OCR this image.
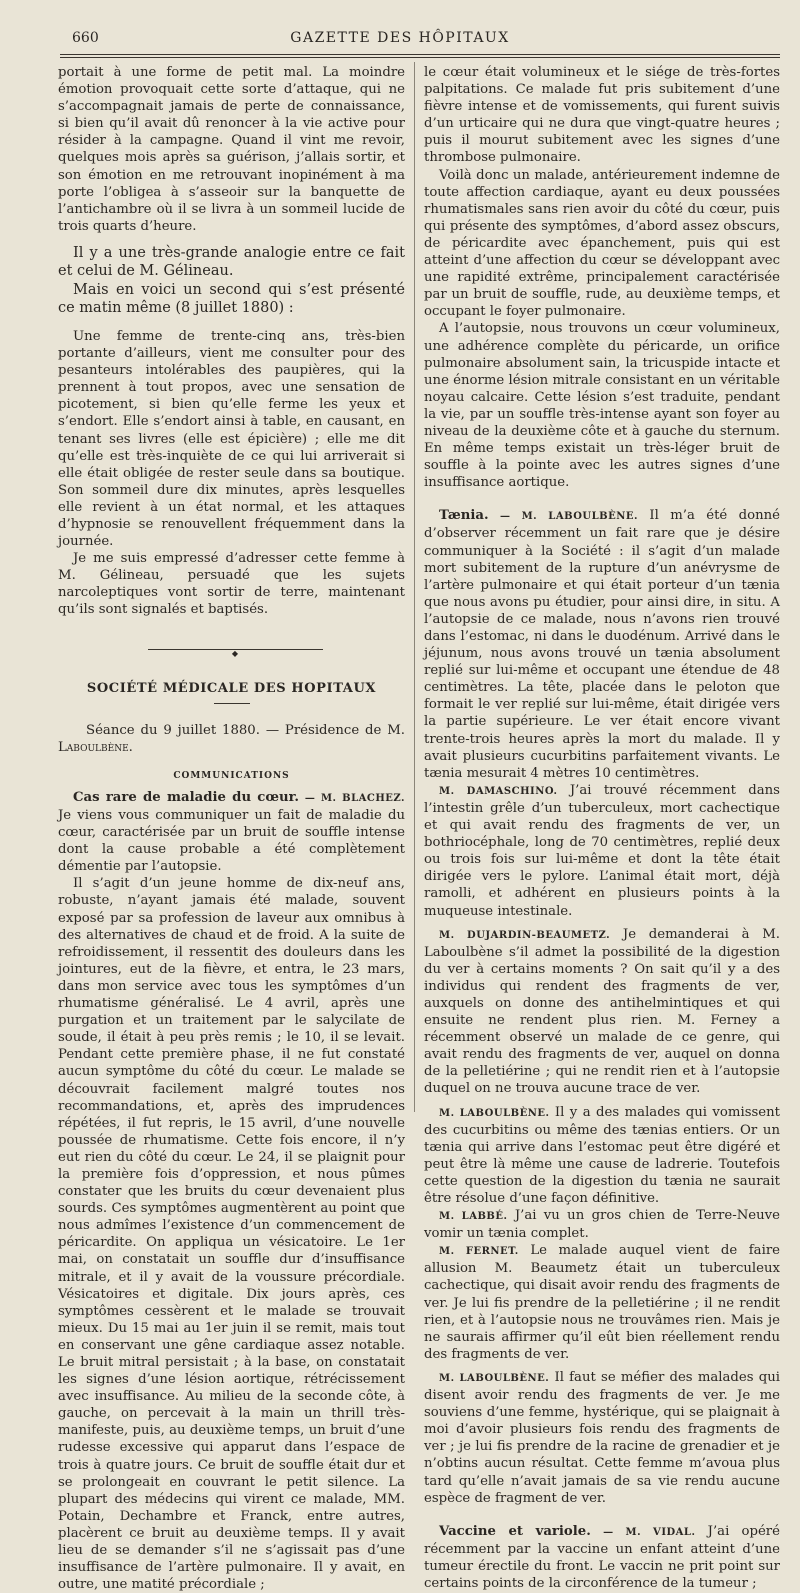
660	GAZETTE DES HÔPITAUX

portait à une forme de petit mal. La moindre émotion provoquait cette sorte d’attaque, qui ne s’accompagnait jamais de perte de connaissance, si bien qu’il avait dû renoncer à la vie active pour résider à la campagne. Quand il vint me revoir, quelques mois après sa guérison, j’allais sortir, et son émotion en me retrouvant inopinément à ma porte l’obligea à s’asseoir sur la banquette de l’antichambre où il se livra à un sommeil lucide de trois quarts d’heure.

Il y a une très-grande analogie entre ce fait et celui de M. Gélineau.

Mais en voici un second qui s’est présenté ce matin même (8 juillet 1880) :

Une femme de trente-cinq ans, très-bien portante d’ailleurs, vient me consulter pour des pesanteurs intolérables des paupières, qui la prennent à tout propos, avec une sensation de picotement, si bien qu’elle ferme les yeux et s’endort. Elle s’endort ainsi à table, en causant, en tenant ses livres (elle est épicière) ; elle me dit qu’elle est très-inquiète de ce qui lui arriverait si elle était obligée de rester seule dans sa boutique. Son sommeil dure dix minutes, après lesquelles elle revient à un état normal, et les attaques d’hypnosie se renouvellent fréquemment dans la journée.

Je me suis empressé d’adresser cette femme à M. Gélineau, persuadé que les sujets narcoleptiques vont sortir de terre, maintenant qu’ils sont signalés et baptisés.

◆

SOCIÉTÉ MÉDICALE DES HOPITAUX

Séance du 9 juillet 1880. — Présidence de M. Laboulbène.

COMMUNICATIONS

Cas rare de maladie du cœur. — M. BLACHEZ. Je viens vous communiquer un fait de maladie du cœur, caractérisée par un bruit de souffle intense dont la cause probable a été complètement démentie par l’autopsie.

Il s’agit d’un jeune homme de dix-neuf ans, robuste, n’ayant jamais été malade, souvent exposé par sa profession de laveur aux omnibus à des alternatives de chaud et de froid. A la suite de refroidissement, il ressentit des douleurs dans les jointures, eut de la fièvre, et entra, le 23 mars, dans mon service avec tous les symptômes d’un rhumatisme généralisé. Le 4 avril, après une purgation et un traitement par le salycilate de soude, il était à peu près remis ; le 10, il se levait. Pendant cette première phase, il ne fut constaté aucun symptôme du côté du cœur. Le malade se découvrait facilement malgré toutes nos recommandations, et, après des imprudences répétées, il fut repris, le 15 avril, d’une nouvelle poussée de rhumatisme. Cette fois encore, il n’y eut rien du côté du cœur. Le 24, il se plaignit pour la première fois d’oppression, et nous pûmes constater que les bruits du cœur devenaient plus sourds. Ces symptômes augmentèrent au point que nous admîmes l’existence d’un commencement de péricardite. On appliqua un vésicatoire. Le 1er mai, on constatait un souffle dur d’insuffisance mitrale, et il y avait de la voussure précordiale. Vésicatoires et digitale. Dix jours après, ces symptômes cessèrent et le malade se trouvait mieux. Du 15 mai au 1er juin il se remit, mais tout en conservant une gêne cardiaque assez notable. Le bruit mitral persistait ; à la base, on constatait les signes d’une lésion aortique, rétrécissement avec insuffisance. Au milieu de la seconde côte, à gauche, on percevait à la main un thrill très-manifeste, puis, au deuxième temps, un bruit d’une rudesse excessive qui apparut dans l’espace de trois à quatre jours. Ce bruit de souffle était dur et se prolongeait en couvrant le petit silence. La plupart des médecins qui virent ce malade, MM. Potain, Dechambre et Franck, entre autres, placèrent ce bruit au deuxième temps. Il y avait lieu de se demander s’il ne s’agissait pas d’une insuffisance de l’artère pulmonaire. Il y avait, en outre, une matité précordiale ;

le cœur était volumineux et le siége de très-fortes palpitations. Ce malade fut pris subitement d’une fièvre intense et de vomissements, qui furent suivis d’un urticaire qui ne dura que vingt-quatre heures ; puis il mourut subitement avec les signes d’une thrombose pulmonaire.

Voilà donc un malade, antérieurement indemne de toute affection cardiaque, ayant eu deux poussées rhumatismales sans rien avoir du côté du cœur, puis qui présente des symptômes, d’abord assez obscurs, de péricardite avec épanchement, puis qui est atteint d’une affection du cœur se développant avec une rapidité extrême, principalement caractérisée par un bruit de souffle, rude, au deuxième temps, et occupant le foyer pulmonaire.

A l’autopsie, nous trouvons un cœur volumineux, une adhérence complète du péricarde, un orifice pulmonaire absolument sain, la tricuspide intacte et une énorme lésion mitrale consistant en un véritable noyau calcaire. Cette lésion s’est traduite, pendant la vie, par un souffle très-intense ayant son foyer au niveau de la deuxième côte et à gauche du sternum. En même temps existait un très-léger bruit de souffle à la pointe avec les autres signes d’une insuffisance aortique.

Tænia. — M. LABOULBÈNE. Il m’a été donné d’observer récemment un fait rare que je désire communiquer à la Société : il s’agit d’un malade mort subitement de la rupture d’un anévrysme de l’artère pulmonaire et qui était porteur d’un tænia que nous avons pu étudier, pour ainsi dire, in situ. A l’autopsie de ce malade, nous n’avons rien trouvé dans l’estomac, ni dans le duodénum. Arrivé dans le jéjunum, nous avons trouvé un tænia absolument replié sur lui-même et occupant une étendue de 48 centimètres. La tête, placée dans le peloton que formait le ver replié sur lui-même, était dirigée vers la partie supérieure. Le ver était encore vivant trente-trois heures après la mort du malade. Il y avait plusieurs cucurbitins parfaitement vivants. Le tænia mesurait 4 mètres 10 centimètres.

M. DAMASCHINO. J’ai trouvé récemment dans l’intestin grêle d’un tuberculeux, mort cachectique et qui avait rendu des fragments de ver, un bothriocéphale, long de 70 centimètres, replié deux ou trois fois sur lui-même et dont la tête était dirigée vers le pylore. L’animal était mort, déjà ramolli, et adhérent en plusieurs points à la muqueuse intestinale.

M. DUJARDIN-BEAUMETZ. Je demanderai à M. Laboulbène s’il admet la possibilité de la digestion du ver à certains moments ? On sait qu’il y a des individus qui rendent des fragments de ver, auxquels on donne des antihelmintiques et qui ensuite ne rendent plus rien. M. Ferney a récemment observé un malade de ce genre, qui avait rendu des fragments de ver, auquel on donna de la pelletiérine ; qui ne rendit rien et à l’autopsie duquel on ne trouva aucune trace de ver.

M. LABOULBÈNE. Il y a des malades qui vomissent des cucurbitins ou même des tænias entiers. Or un tænia qui arrive dans l’estomac peut être digéré et peut être là même une cause de ladrerie. Toutefois cette question de la digestion du tænia ne saurait être résolue d’une façon définitive.

M. LABBÉ. J’ai vu un gros chien de Terre-Neuve vomir un tænia complet.

M. FERNET. Le malade auquel vient de faire allusion M. Beaumetz était un tuberculeux cachectique, qui disait avoir rendu des fragments de ver. Je lui fis prendre de la pelletiérine ; il ne rendit rien, et à l’autopsie nous ne trouvâmes rien. Mais je ne saurais affirmer qu’il eût bien réellement rendu des fragments de ver.

M. LABOULBÈNE. Il faut se méfier des malades qui disent avoir rendu des fragments de ver. Je me souviens d’une femme, hystérique, qui se plaignait à moi d’avoir plusieurs fois rendu des fragments de ver ; je lui fis prendre de la racine de grenadier et je n’obtins aucun résultat. Cette femme m’avoua plus tard qu’elle n’avait jamais de sa vie rendu aucune espèce de fragment de ver.

Vaccine et variole. — M. VIDAL. J’ai opéré récemment par la vaccine un enfant atteint d’une tumeur érectile du front. Le vaccin ne prit point sur certains points de la circonférence de la tumeur ;
